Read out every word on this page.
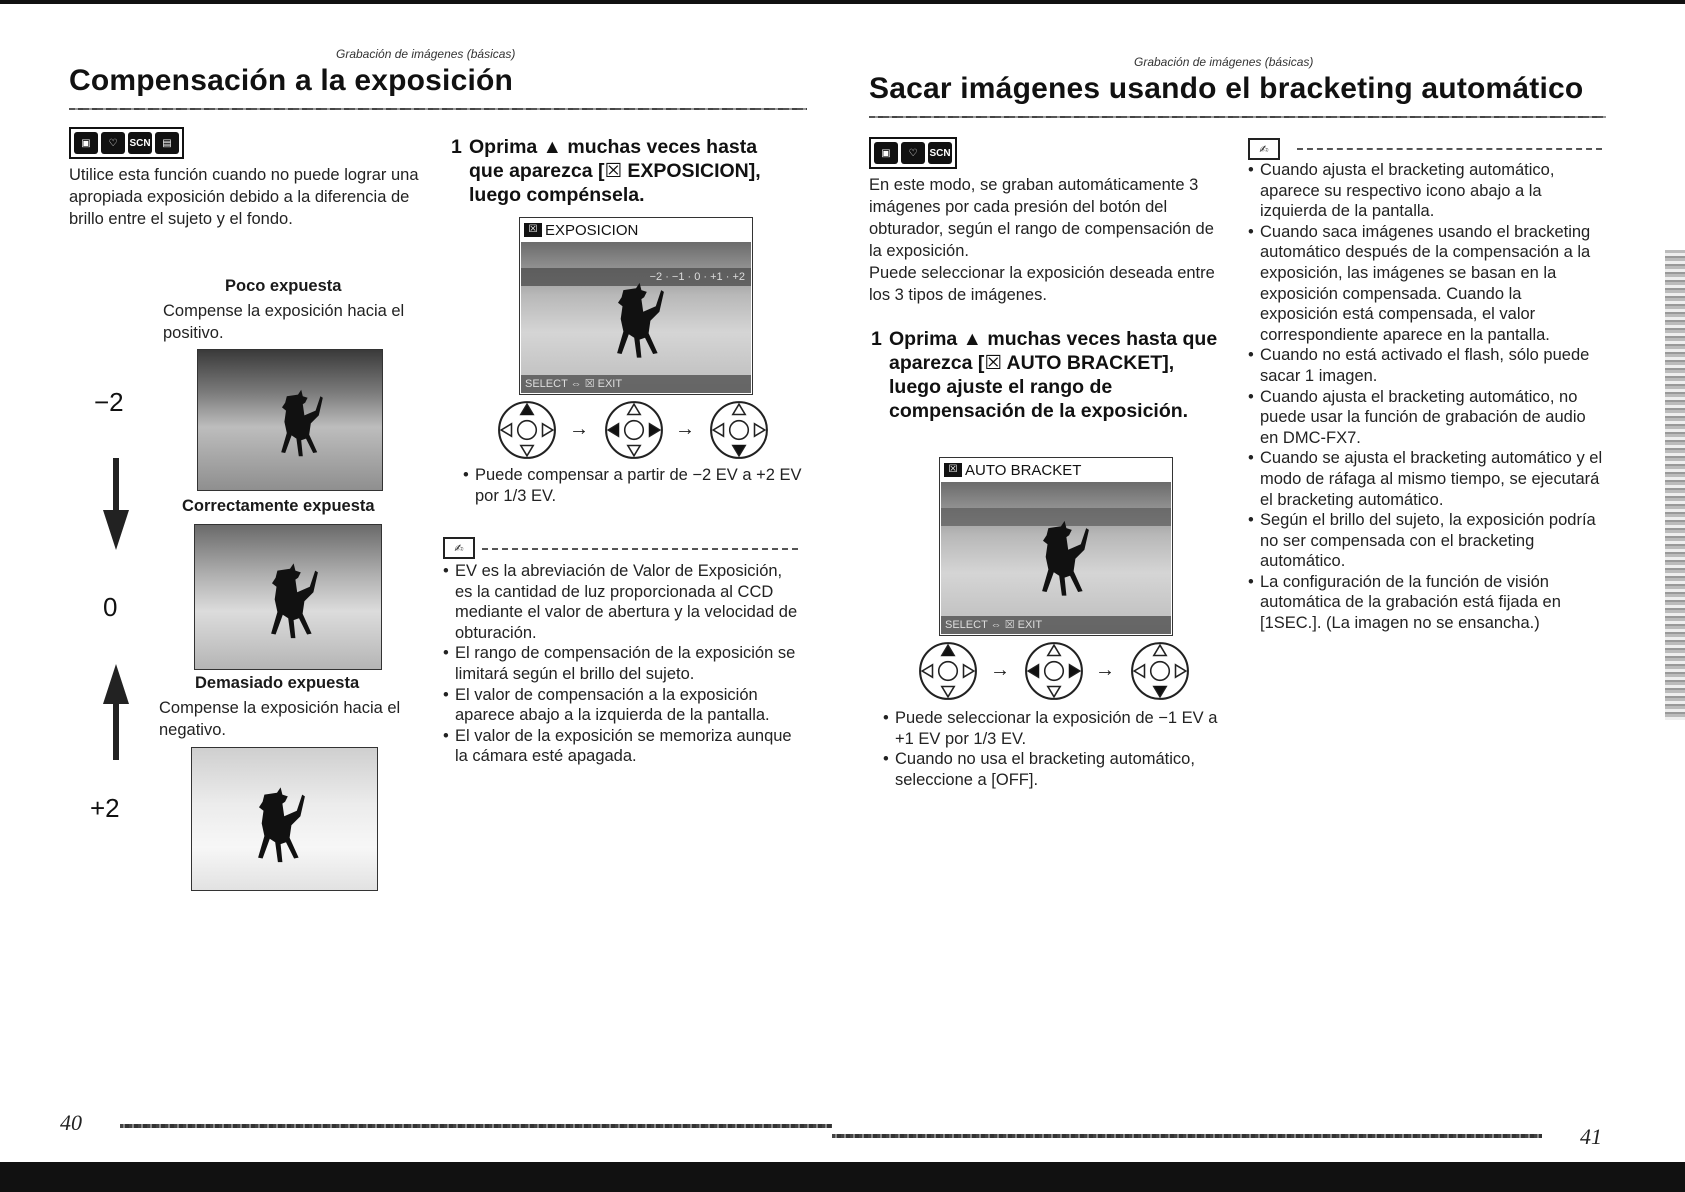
Grabación de imágenes (básicas)
Compensación a la exposición
▣	♡	SCN	▤
Utilice esta función cuando no puede lograr una apropiada exposición debido a la diferencia de brillo entre el sujeto y el fondo.
Poco expuesta
Compense la exposición hacia el positivo.
Correctamente expuesta
Demasiado expuesta
Compense la exposición hacia el negativo.
−2
0
+2
1 Oprima ▲ muchas veces hasta que aparezca [☒ EXPOSICION], luego compénsela.
☒ EXPOSICION
−2 · −1 · 0 · +1 · +2
SELECT ⇔ ☒ EXIT
→	→
• Puede compensar a partir de −2 EV a +2 EV por 1/3 EV.
✍
• EV es la abreviación de Valor de Exposición, es la cantidad de luz proporcionada al CCD mediante el valor de abertura y la velocidad de obturación.
• El rango de compensación de la exposición se limitará según el brillo del sujeto.
• El valor de compensación a la exposición aparece abajo a la izquierda de la pantalla.
• El valor de la exposición se memoriza aunque la cámara esté apagada.
40
Grabación de imágenes (básicas)
Sacar imágenes usando el bracketing automático
▣	♡	SCN
En este modo, se graban automáticamente 3 imágenes por cada presión del botón del obturador, según el rango de compensación de la exposición.
Puede seleccionar la exposición deseada entre los 3 tipos de imágenes.
1 Oprima ▲ muchas veces hasta que aparezca [☒ AUTO BRACKET], luego ajuste el rango de compensación de la exposición.
☒ AUTO BRACKET
SELECT ⇔ ☒ EXIT
→	→
• Puede seleccionar la exposición de −1 EV a +1 EV por 1/3 EV.
• Cuando no usa el bracketing automático, seleccione a [OFF].
✍
• Cuando ajusta el bracketing automático, aparece su respectivo icono abajo a la izquierda de la pantalla.
• Cuando saca imágenes usando el bracketing automático después de la compensación a la exposición, las imágenes se basan en la exposición compensada. Cuando la exposición está compensada, el valor correspondiente aparece en la pantalla.
• Cuando no está activado el flash, sólo puede sacar 1 imagen.
• Cuando ajusta el bracketing automático, no puede usar la función de grabación de audio en DMC-FX7.
• Cuando se ajusta el bracketing automático y el modo de ráfaga al mismo tiempo, se ejecutará el bracketing automático.
• Según el brillo del sujeto, la exposición podría no ser compensada con el bracketing automático.
• La configuración de la función de visión automática de la grabación está fijada en [1SEC.]. (La imagen no se ensancha.)
41
